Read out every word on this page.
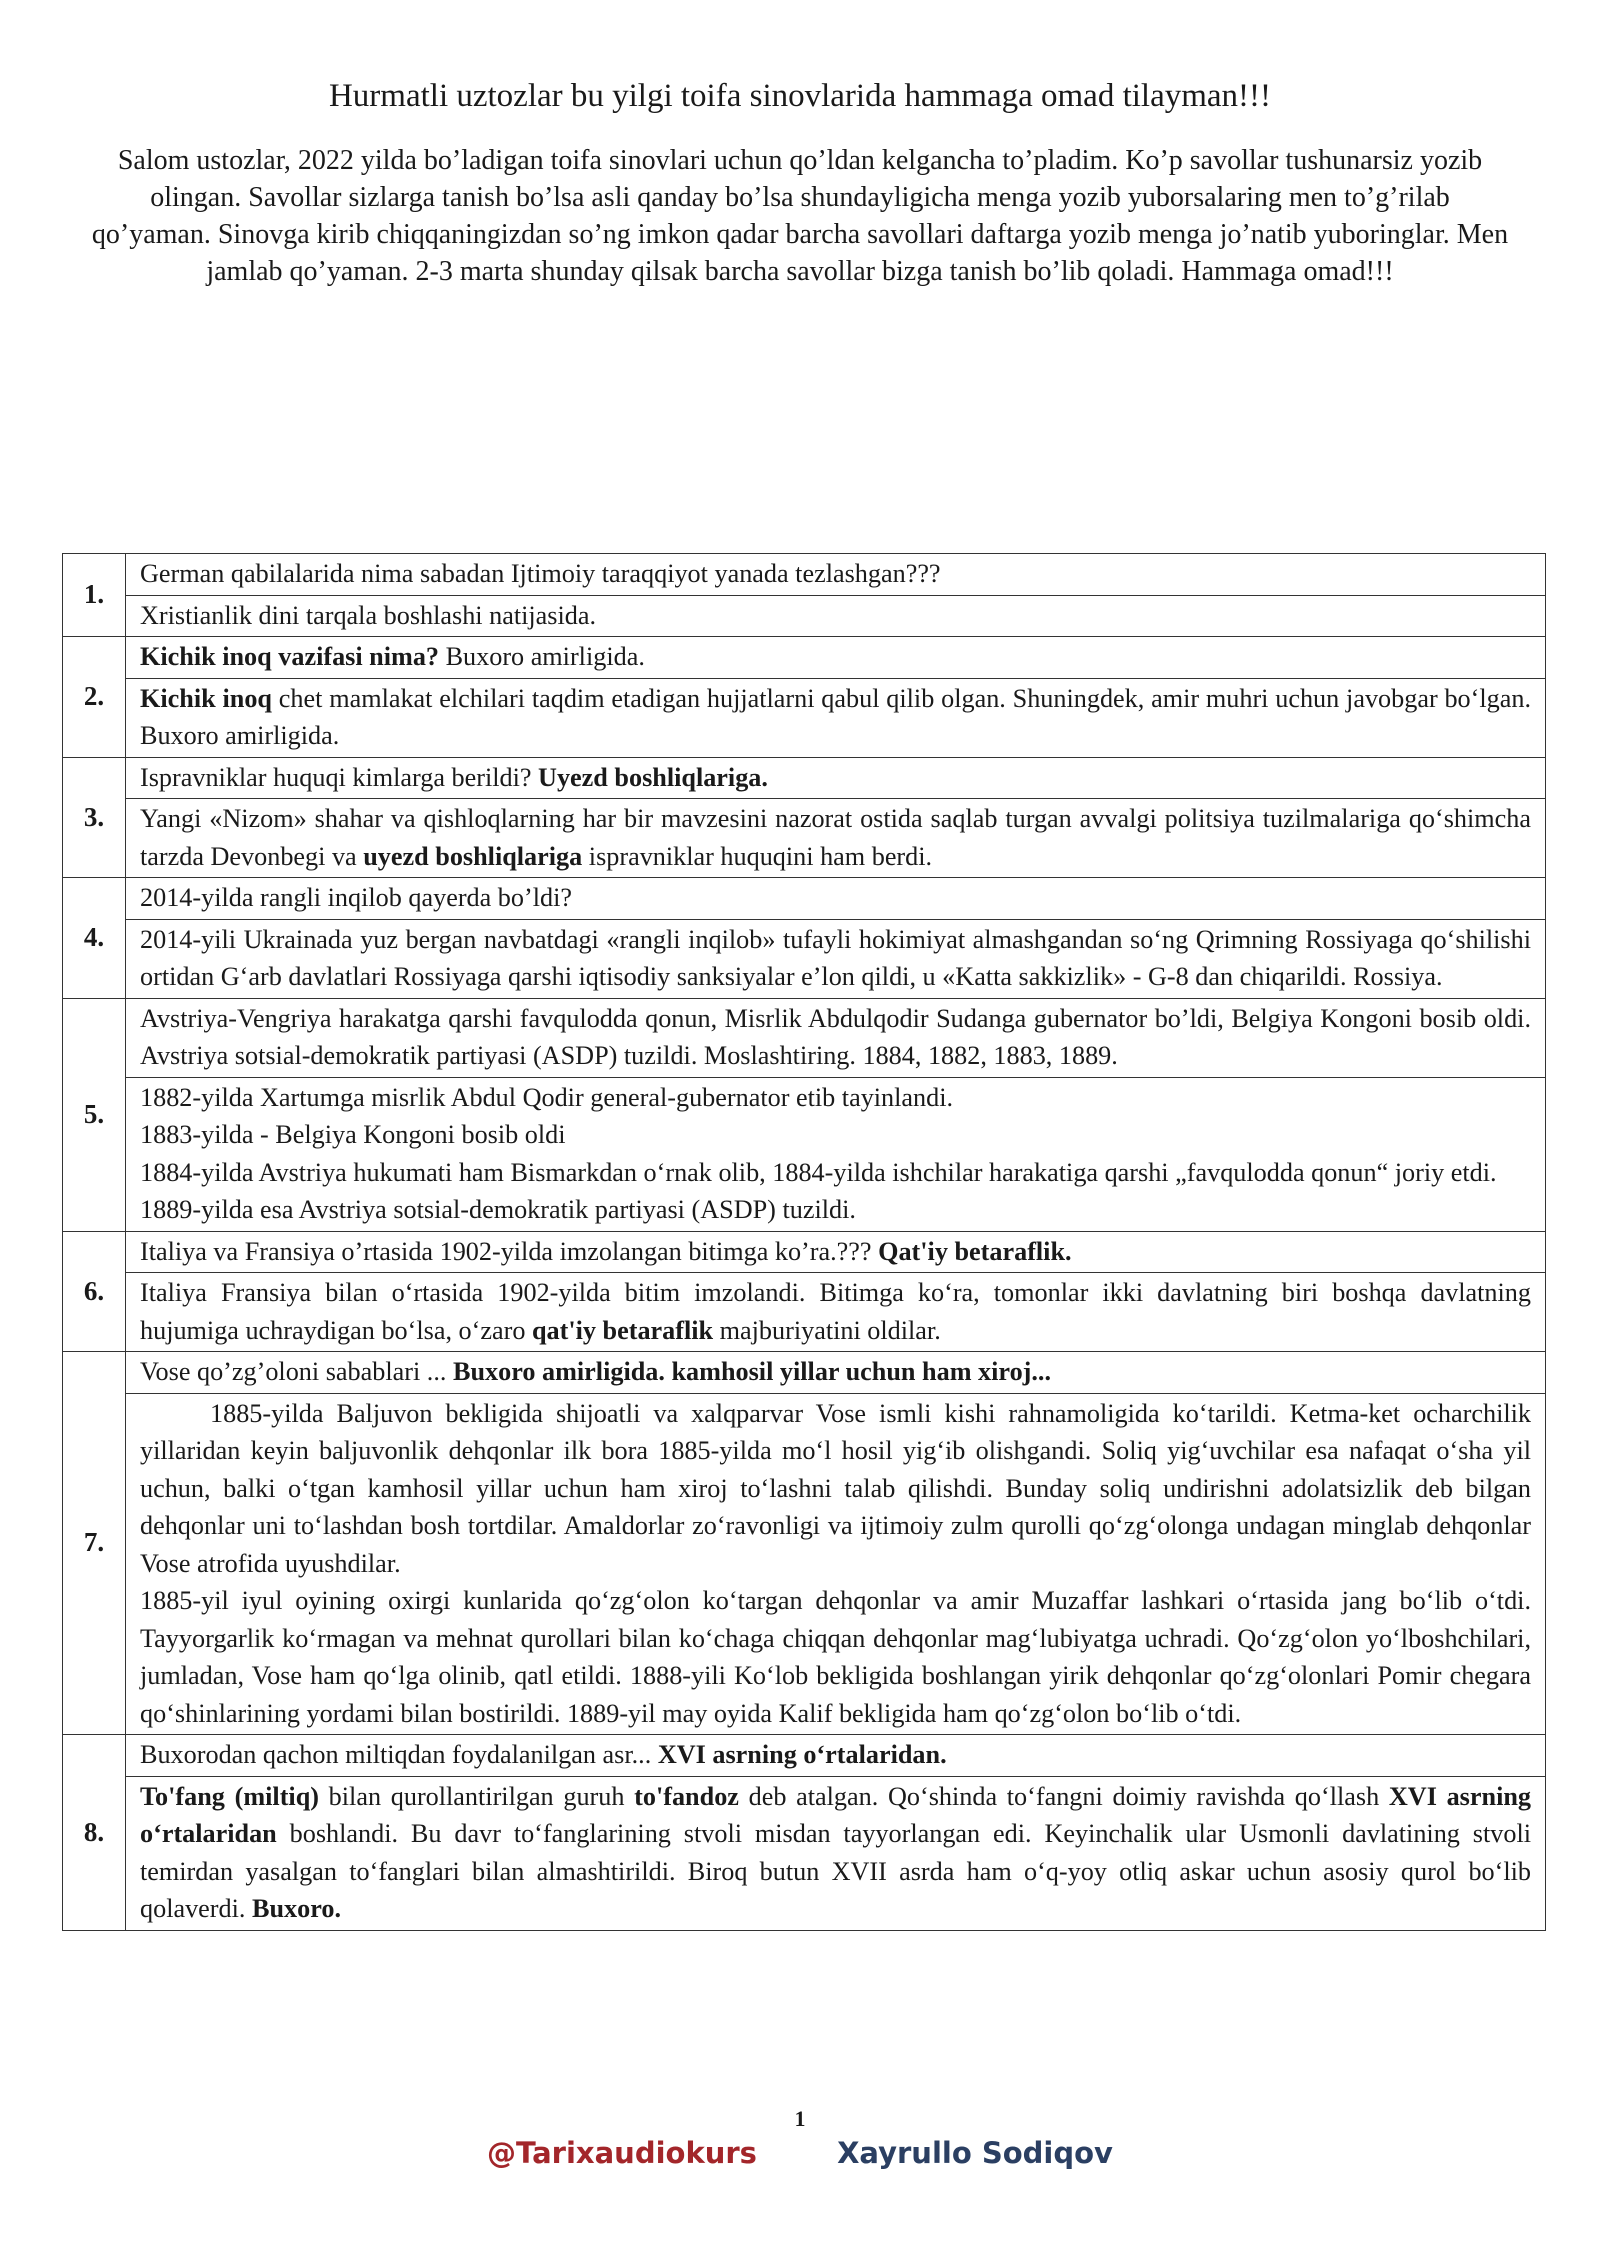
Hurmatli uztozlar bu yilgi toifa sinovlarida hammaga omad tilayman!!!
Salom ustozlar, 2022 yilda bo’ladigan toifa sinovlari uchun qo’ldan kelgancha to’pladim. Ko’p savollar tushunarsiz yozib olingan. Savollar sizlarga tanish bo’lsa asli qanday bo’lsa shundayligicha menga yozib yuborsalaring men to’g’rilab qo’yaman. Sinovga kirib chiqqaningizdan so’ng imkon qadar barcha savollari daftarga yozib menga jo’natib yuboringlar. Men jamlab qo’yaman. 2-3 marta shunday qilsak barcha savollar bizga tanish bo’lib qoladi. Hammaga omad!!!
1.	German qabilalarida nima sabadan Ijtimoiy taraqqiyot yanada tezlashgan???
	Xristianlik dini tarqala boshlashi natijasida.
2.	Kichik inoq vazifasi nima? Buxoro amirligida.
	Kichik inoq chet mamlakat elchilari taqdim etadigan hujjatlarni qabul qilib olgan. Shuningdek, amir muhri uchun javobgar bo‘lgan. Buxoro amirligida.
3.	Ispravniklar huquqi kimlarga berildi? Uyezd boshliqlariga.
	Yangi «Nizom» shahar va qishloqlarning har bir mavzesini nazorat ostida saqlab turgan avvalgi politsiya tuzilmalariga qo‘shimcha tarzda Devonbegi va uyezd boshliqlariga ispravniklar huquqini ham berdi.
4.	2014-yilda rangli inqilob qayerda bo’ldi?
	2014-yili Ukrainada yuz bergan navbatdagi «rangli inqilob» tufayli hokimiyat almashgandan so‘ng Qrimning Rossiyaga qo‘shilishi ortidan G‘arb davlatlari Rossiyaga qarshi iqtisodiy sanksiyalar e’lon qildi, u «Katta sakkizlik» - G-8 dan chiqarildi. Rossiya.
5.	Avstriya-Vengriya harakatga qarshi favqulodda qonun, Misrlik Abdulqodir Sudanga gubernator bo’ldi, Belgiya Kongoni bosib oldi. Avstriya sotsial-demokratik partiyasi (ASDP) tuzildi. Moslashtiring. 1884, 1882, 1883, 1889.

	1882-yilda Xartumga misrlik Abdul Qodir general-gubernator etib tayinlandi.
1883-yilda - Belgiya Kongoni bosib oldi
1884-yilda Avstriya hukumati ham Bismarkdan o‘rnak olib, 1884-yilda ishchilar harakatiga qarshi „favqulodda qonun“ joriy etdi.
1889-yilda esa Avstriya sotsial-demokratik partiyasi (ASDP) tuzildi.

6.	Italiya va Fransiya o’rtasida 1902-yilda imzolangan bitimga ko’ra.??? Qat'iy betaraflik.
	Italiya Fransiya bilan o‘rtasida 1902-yilda bitim imzolandi. Bitimga ko‘ra, tomonlar ikki davlatning biri boshqa davlatning hujumiga uchraydigan bo‘lsa, o‘zaro qat'iy betaraflik majburiyatini oldilar.
7.	Vose qo’zg’oloni sabablari ... Buxoro amirligida. kamhosil yillar uchun ham xiroj...

	1885-yilda Baljuvon bekligida shijoatli va xalqparvar Vose ismli kishi rahnamoligida ko‘tarildi. Ketma-ket ocharchilik yillaridan keyin baljuvonlik dehqonlar ilk bora 1885-yilda mo‘l hosil yig‘ib olishgandi. Soliq yig‘uvchilar esa nafaqat o‘sha yil uchun, balki o‘tgan kamhosil yillar uchun ham xiroj to‘lashni talab qilishdi. Bunday soliq undirishni adolatsizlik deb bilgan dehqonlar uni to‘lashdan bosh tortdilar. Amaldorlar zo‘ravonligi va ijtimoiy zulm qurolli qo‘zg‘olonga undagan minglab dehqonlar Vose atrofida uyushdilar.
1885-yil iyul oyining oxirgi kunlarida qo‘zg‘olon ko‘targan dehqonlar va amir Muzaffar lashkari o‘rtasida jang bo‘lib o‘tdi. Tayyorgarlik ko‘rmagan va mehnat qurollari bilan ko‘chaga chiqqan dehqonlar mag‘lubiyatga uchradi. Qo‘zg‘olon yo‘lboshchilari, jumladan, Vose ham qo‘lga olinib, qatl etildi. 1888-yili Ko‘lob bekligida boshlangan yirik dehqonlar qo‘zg‘olonlari Pomir chegara qo‘shinlarining yordami bilan bostirildi. 1889-yil may oyida Kalif bekligida ham qo‘zg‘olon bo‘lib o‘tdi.

8.	Buxorodan qachon miltiqdan foydalanilgan asr... XVI asrning o‘rtalaridan.
	To'fang (miltiq) bilan qurollantirilgan guruh to'fandoz deb atalgan. Qo‘shinda to‘fangni doimiy ravishda qo‘llash XVI asrning o‘rtalaridan boshlandi. Bu davr to‘fanglarining stvoli misdan tayyorlangan edi. Keyinchalik ular Usmonli davlatining stvoli temirdan yasalgan to‘fanglari bilan almashtirildi. Biroq butun XVII asrda ham o‘q-yoy otliq askar uchun asosiy qurol bo‘lib qolaverdi. Buxoro.
1
@Tarixaudiokurs	Xayrullo Sodiqov
